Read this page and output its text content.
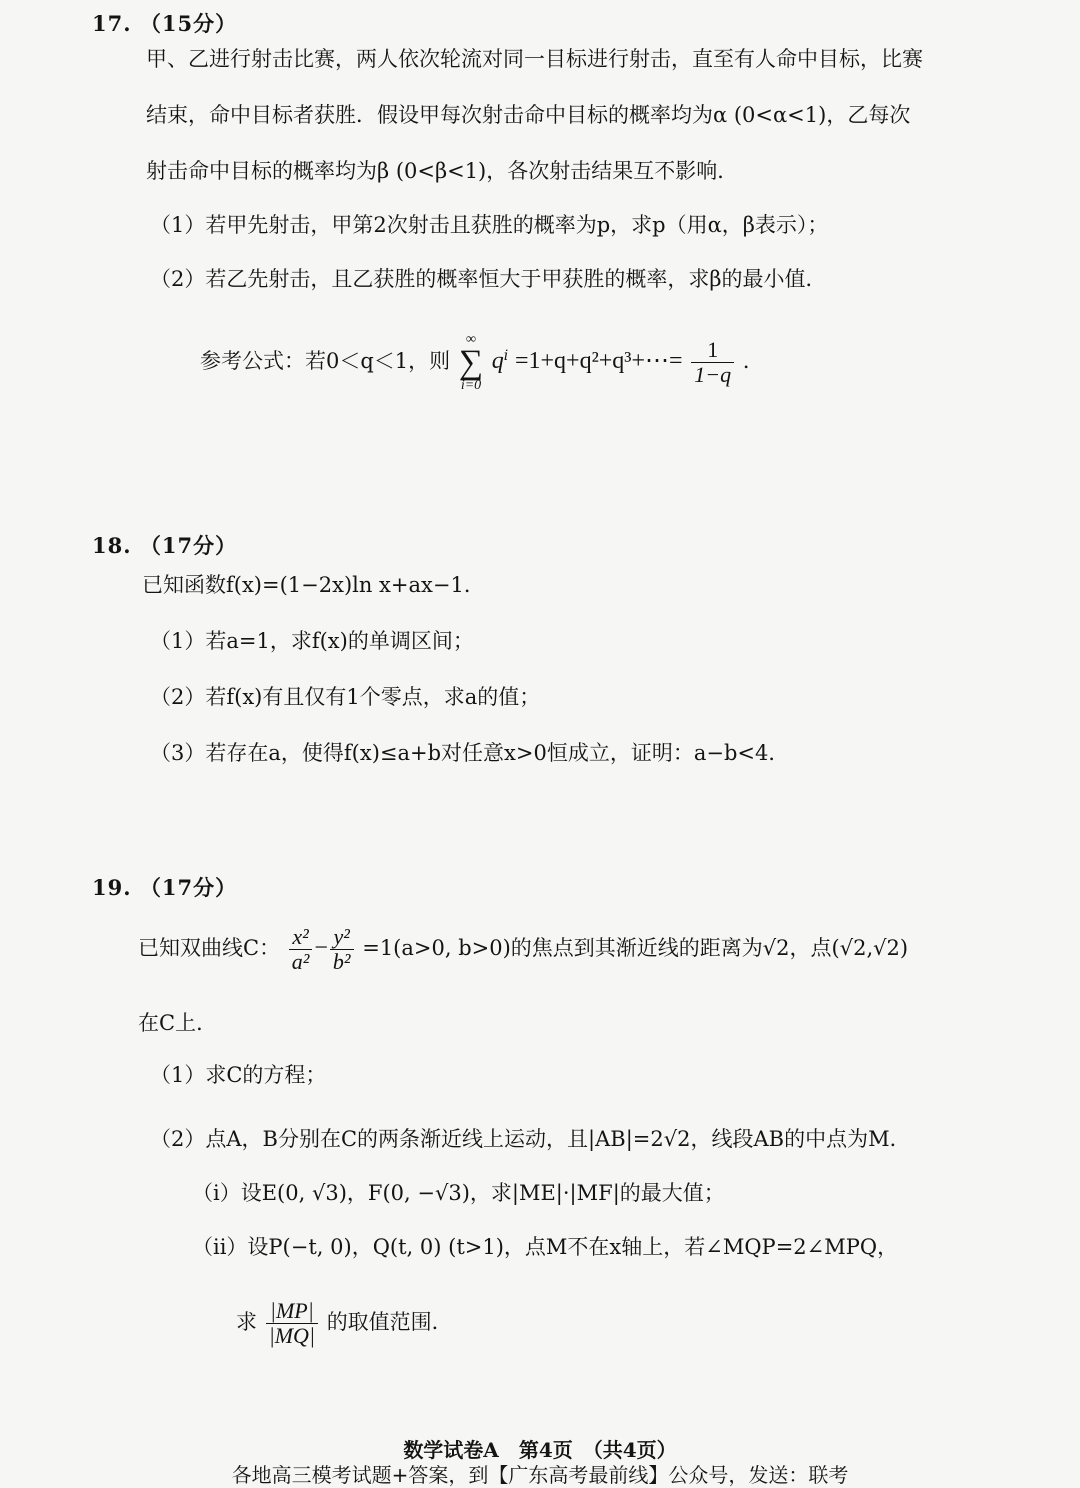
17. （15分）
甲、乙进行射击比赛，两人依次轮流对同一目标进行射击，直至有人命中目标，比赛
结束，命中目标者获胜．假设甲每次射击命中目标的概率均为α (0<α<1)，乙每次
射击命中目标的概率均为β (0<β<1)，各次射击结果互不影响．
（1）若甲先射击，甲第2次射击且获胜的概率为p，求p（用α，β表示）；
（2）若乙先射击，且乙获胜的概率恒大于甲获胜的概率，求β的最小值．
参考公式：若0＜q＜1，则
∞
∑
i=0
$q^i$ =1+q+q²+q³+⋯= $\frac{1}{1-q}$ ．
18. （17分）
已知函数f(x)=(1−2x)ln x+ax−1．
（1）若a=1，求f(x)的单调区间；
（2）若f(x)有且仅有1个零点，求a的值；
（3）若存在a，使得f(x)≤a+b对任意x>0恒成立，证明：a−b<4．
19. （17分）
已知双曲线C： $\frac{\text{x²}}{\text{a²}} - \frac{\text{y²}}{\text{b²}} =1(a>0$, b>0)的焦点到其渐近线的距离为√2，点(√2,√2)
在C上．
（1）求C的方程；
（2）点A，B分别在C的两条渐近线上运动，且|AB|=2√2，线段AB的中点为M．
（i）设E(0, √3)，F(0, −√3)，求|ME|·|MF|的最大值；
（ii）设P(−t, 0)，Q(t, 0) (t>1)，点M不在x轴上，若∠MQP=2∠MPQ，
求 $\frac{|MP|}{|MQ|}$ 的取值范围．
数学试卷A　第4页　（共4页）
各地高三模考试题+答案，到【广东高考最前线】公众号，发送：联考
